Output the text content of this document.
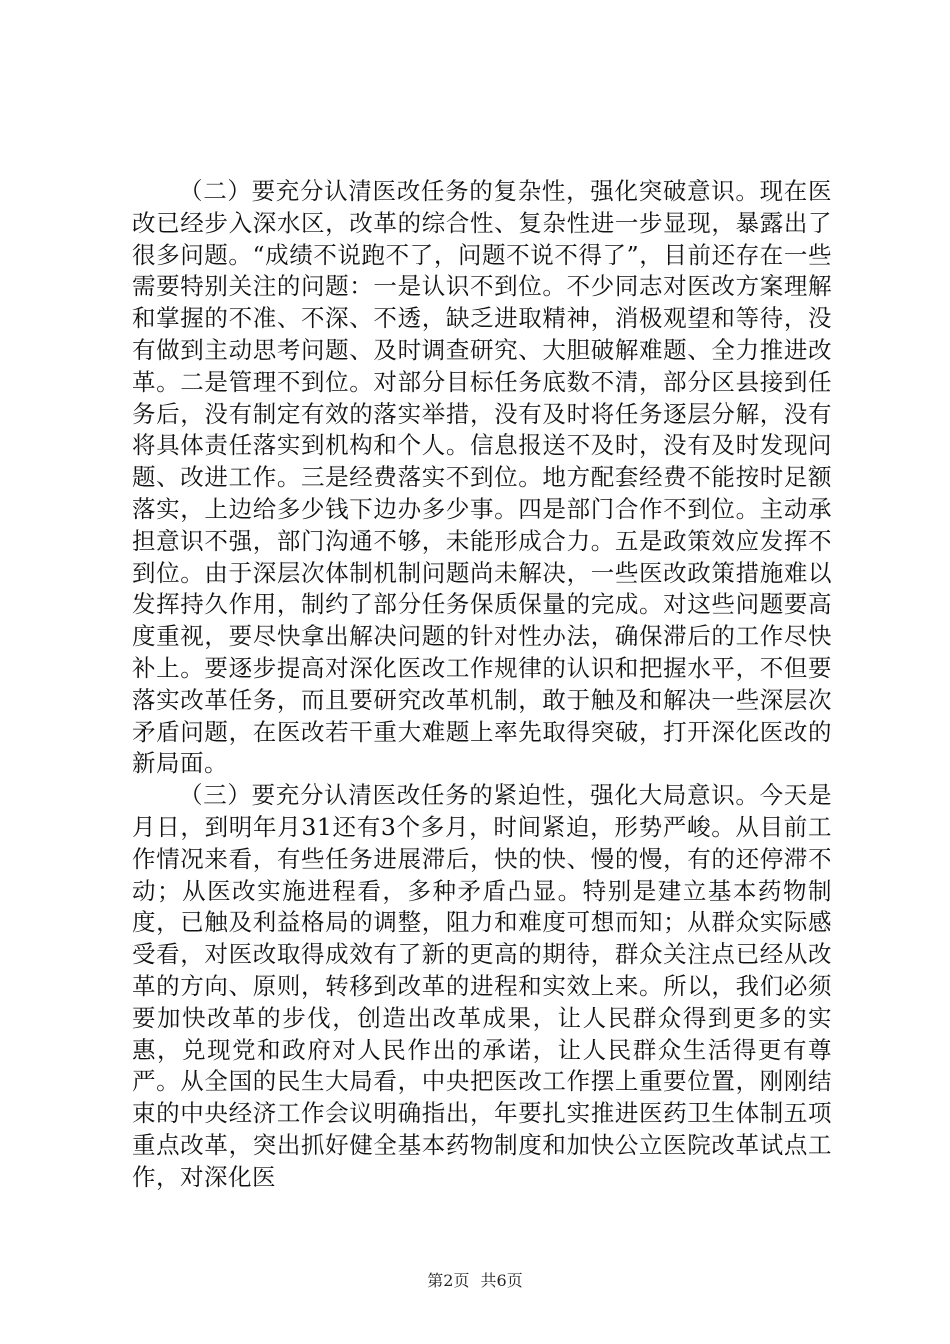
（二）要充分认清医改任务的复杂性，强化突破意识。现在医改已经步入深水区，改革的综合性、复杂性进一步显现，暴露出了很多问题。“成绩不说跑不了，问题不说不得了”，目前还存在一些需要特别关注的问题：一是认识不到位。不少同志对医改方案理解和掌握的不准、不深、不透，缺乏进取精神，消极观望和等待，没有做到主动思考问题、及时调查研究、大胆破解难题、全力推进改革。二是管理不到位。对部分目标任务底数不清，部分区县接到任务后，没有制定有效的落实举措，没有及时将任务逐层分解，没有将具体责任落实到机构和个人。信息报送不及时，没有及时发现问题、改进工作。三是经费落实不到位。地方配套经费不能按时足额落实，上边给多少钱下边办多少事。四是部门合作不到位。主动承担意识不强，部门沟通不够，未能形成合力。五是政策效应发挥不到位。由于深层次体制机制问题尚未解决，一些医改政策措施难以发挥持久作用，制约了部分任务保质保量的完成。对这些问题要高度重视，要尽快拿出解决问题的针对性办法，确保滞后的工作尽快补上。要逐步提高对深化医改工作规律的认识和把握水平，不但要落实改革任务，而且要研究改革机制，敢于触及和解决一些深层次矛盾问题，在医改若干重大难题上率先取得突破，打开深化医改的新局面。

（三）要充分认清医改任务的紧迫性，强化大局意识。今天是月日，到明年月31还有3个多月，时间紧迫，形势严峻。从目前工作情况来看，有些任务进展滞后，快的快、慢的慢，有的还停滞不动；从医改实施进程看，多种矛盾凸显。特别是建立基本药物制度，已触及利益格局的调整，阻力和难度可想而知；从群众实际感受看，对医改取得成效有了新的更高的期待，群众关注点已经从改革的方向、原则，转移到改革的进程和实效上来。所以，我们必须要加快改革的步伐，创造出改革成果，让人民群众得到更多的实惠，兑现党和政府对人民作出的承诺，让人民群众生活得更有尊严。从全国的民生大局看，中央把医改工作摆上重要位置，刚刚结束的中央经济工作会议明确指出，年要扎实推进医药卫生体制五项重点改革，突出抓好健全基本药物制度和加快公立医院改革试点工作，对深化医

第2页 共6页
